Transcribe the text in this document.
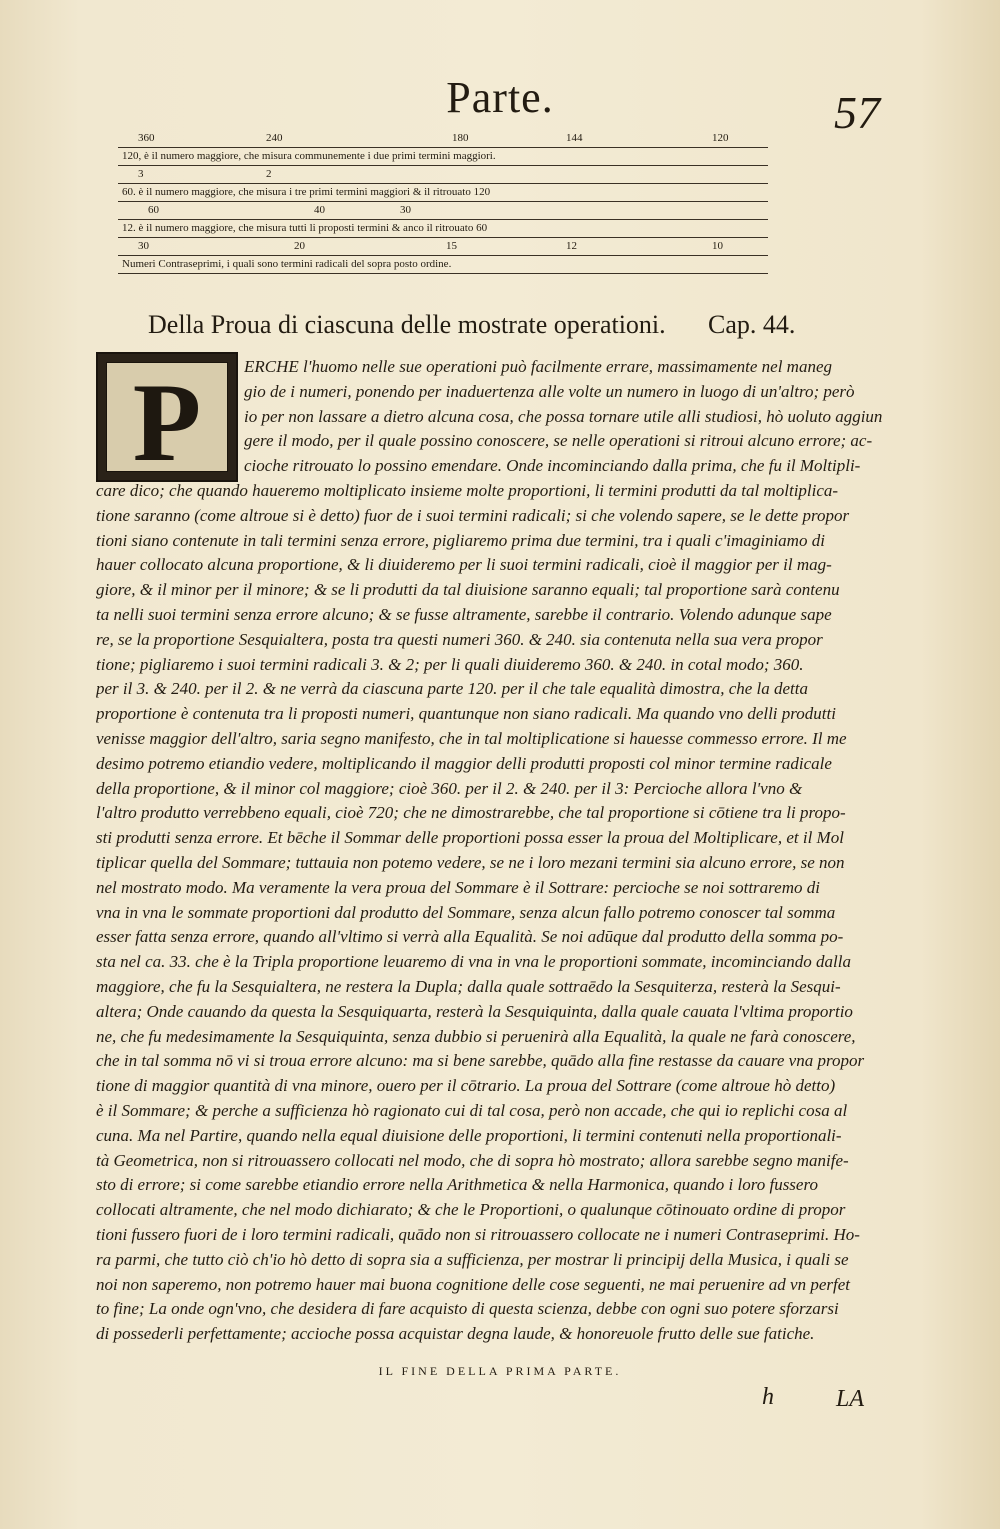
Parte.	57
360	240	180	144	120
120, è il numero maggiore, che misura communemente i due primi termini maggiori.
3	2
60. è il numero maggiore, che misura i tre primi termini maggiori & il ritrouato 120
60	40	30
12. è il numero maggiore, che misura tutti li proposti termini & anco il ritrouato 60
30	20	15	12	10
Numeri Contraseprimi, i quali sono termini radicali del sopra posto ordine.
Della Proua di ciascuna delle mostrate operationi. Cap. 44.
P	ERCHE l'huomo nelle sue operationi può facilmente errare, massimamente nel maneg
gio de i numeri, ponendo per inaduertenza alle volte un numero in luogo di un'altro; però
io per non lassare a dietro alcuna cosa, che possa tornare utile alli studiosi, hò uoluto aggiun
gere il modo, per il quale possino conoscere, se nelle operationi si ritroui alcuno errore; ac-
cioche ritrouato lo possino emendare. Onde incominciando dalla prima, che fu il Moltipli-
care dico; che quando haueremo moltiplicato insieme molte proportioni, li termini produtti da tal moltiplica-
tione saranno (come altroue si è detto) fuor de i suoi termini radicali; si che volendo sapere, se le dette propor
tioni siano contenute in tali termini senza errore, pigliaremo prima due termini, tra i quali c'imaginiamo di
hauer collocato alcuna proportione, & li diuideremo per li suoi termini radicali, cioè il maggior per il mag-
giore, & il minor per il minore; & se li produtti da tal diuisione saranno equali; tal proportione sarà contenu
ta nelli suoi termini senza errore alcuno; & se fusse altramente, sarebbe il contrario. Volendo adunque sape
re, se la proportione Sesquialtera, posta tra questi numeri 360. & 240. sia contenuta nella sua vera propor
tione; pigliaremo i suoi termini radicali 3. & 2; per li quali diuideremo 360. & 240. in cotal modo; 360.
per il 3. & 240. per il 2. & ne verrà da ciascuna parte 120. per il che tale equalità dimostra, che la detta
proportione è contenuta tra li proposti numeri, quantunque non siano radicali. Ma quando vno delli produtti
venisse maggior dell'altro, saria segno manifesto, che in tal moltiplicatione si hauesse commesso errore. Il me
desimo potremo etiandio vedere, moltiplicando il maggior delli produtti proposti col minor termine radicale
della proportione, & il minor col maggiore; cioè 360. per il 2. & 240. per il 3: Percioche allora l'vno &
l'altro produtto verrebbeno equali, cioè 720; che ne dimostrarebbe, che tal proportione si cōtiene tra li propo-
sti produtti senza errore. Et bēche il Sommar delle proportioni possa esser la proua del Moltiplicare, et il Mol
tiplicar quella del Sommare; tuttauia non potemo vedere, se ne i loro mezani termini sia alcuno errore, se non
nel mostrato modo. Ma veramente la vera proua del Sommare è il Sottrare: percioche se noi sottraremo di
vna in vna le sommate proportioni dal produtto del Sommare, senza alcun fallo potremo conoscer tal somma
esser fatta senza errore, quando all'vltimo si verrà alla Equalità. Se noi adūque dal produtto della somma po-
sta nel ca. 33. che è la Tripla proportione leuaremo di vna in vna le proportioni sommate, incominciando dalla
maggiore, che fu la Sesquialtera, ne restera la Dupla; dalla quale sottraēdo la Sesquiterza, resterà la Sesqui-
altera; Onde cauando da questa la Sesquiquarta, resterà la Sesquiquinta, dalla quale cauata l'vltima proportio
ne, che fu medesimamente la Sesquiquinta, senza dubbio si peruenirà alla Equalità, la quale ne farà conoscere,
che in tal somma nō vi si troua errore alcuno: ma si bene sarebbe, quādo alla fine restasse da cauare vna propor
tione di maggior quantità di vna minore, ouero per il cōtrario. La proua del Sottrare (come altroue hò detto)
è il Sommare; & perche a sufficienza hò ragionato cui di tal cosa, però non accade, che qui io replichi cosa al
cuna. Ma nel Partire, quando nella equal diuisione delle proportioni, li termini contenuti nella proportionali-
tà Geometrica, non si ritrouassero collocati nel modo, che di sopra hò mostrato; allora sarebbe segno manife-
sto di errore; si come sarebbe etiandio errore nella Arithmetica & nella Harmonica, quando i loro fussero
collocati altramente, che nel modo dichiarato; & che le Proportioni, o qualunque cōtinouato ordine di propor
tioni fussero fuori de i loro termini radicali, quādo non si ritrouassero collocate ne i numeri Contraseprimi. Ho-
ra parmi, che tutto ciò ch'io hò detto di sopra sia a sufficienza, per mostrar li principij della Musica, i quali se
noi non saperemo, non potremo hauer mai buona cognitione delle cose seguenti, ne mai peruenire ad vn perfet
to fine; La onde ogn'vno, che desidera di fare acquisto di questa scienza, debbe con ogni suo potere sforzarsi
di possederli perfettamente; accioche possa acquistar degna laude, & honoreuole frutto delle sue fatiche.
IL FINE DELLA PRIMA PARTE.
h	LA
